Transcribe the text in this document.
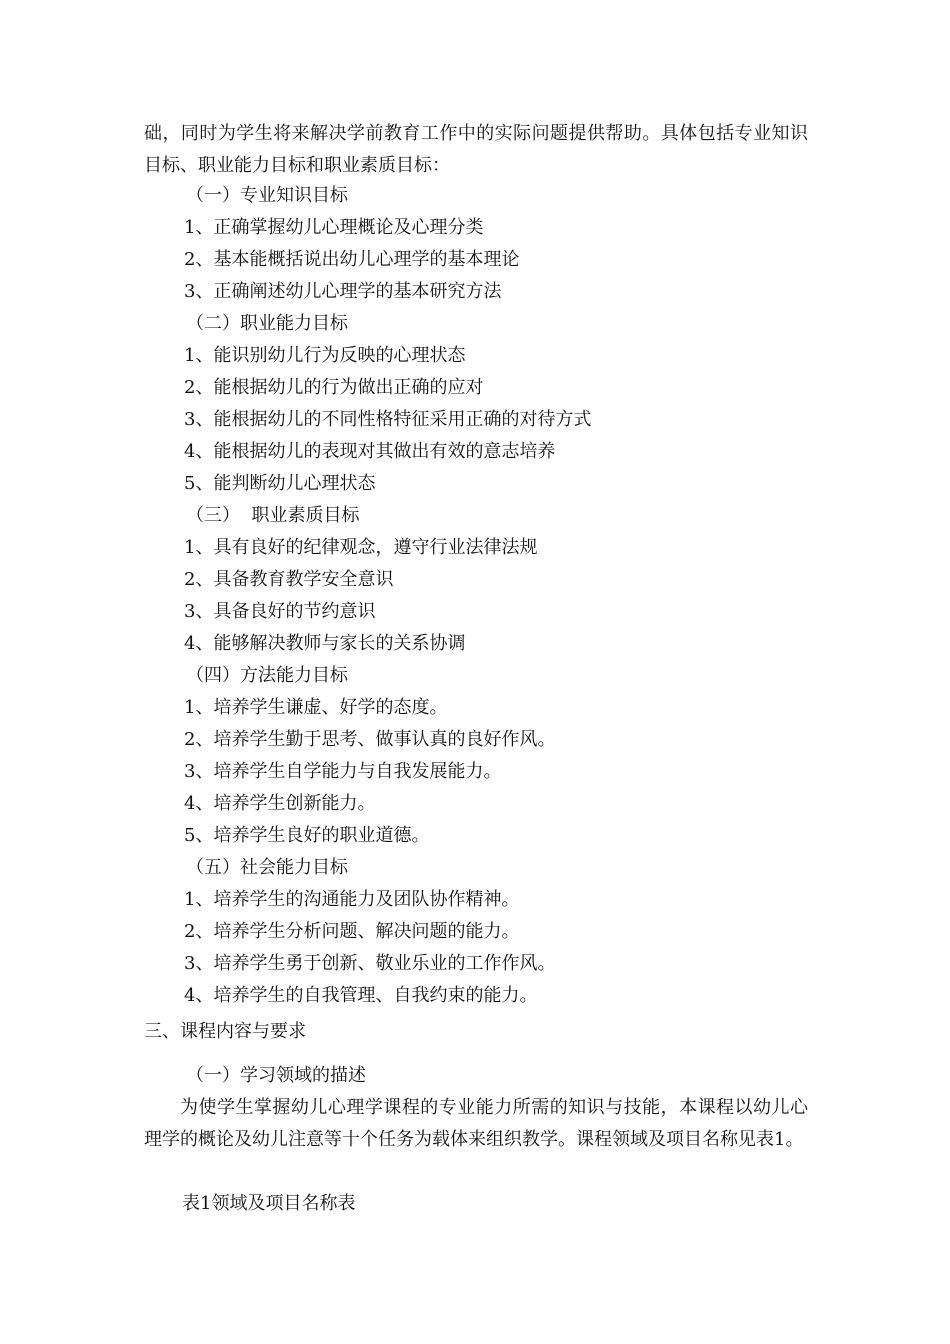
础，同时为学生将来解决学前教育工作中的实际问题提供帮助。具体包括专业知识目标、职业能力目标和职业素质目标：

（一）专业知识目标

1、正确掌握幼儿心理概论及心理分类

2、基本能概括说出幼儿心理学的基本理论

3、正确阐述幼儿心理学的基本研究方法

（二）职业能力目标

1、能识别幼儿行为反映的心理状态

2、能根据幼儿的行为做出正确的应对

3、能根据幼儿的不同性格特征采用正确的对待方式

4、能根据幼儿的表现对其做出有效的意志培养

5、能判断幼儿心理状态

（三）  职业素质目标

1、具有良好的纪律观念，遵守行业法律法规

2、具备教育教学安全意识

3、具备良好的节约意识

4、能够解决教师与家长的关系协调

（四）方法能力目标

1、培养学生谦虚、好学的态度。

2、培养学生勤于思考、做事认真的良好作风。

3、培养学生自学能力与自我发展能力。

4、培养学生创新能力。

5、培养学生良好的职业道德。

（五）社会能力目标

1、培养学生的沟通能力及团队协作精神。

2、培养学生分析问题、解决问题的能力。

3、培养学生勇于创新、敬业乐业的工作作风。

4、培养学生的自我管理、自我约束的能力。

三、课程内容与要求

（一）学习领域的描述

为使学生掌握幼儿心理学课程的专业能力所需的知识与技能，本课程以幼儿心理学的概论及幼儿注意等十个任务为载体来组织教学。课程领域及项目名称见表1。

表1领域及项目名称表
